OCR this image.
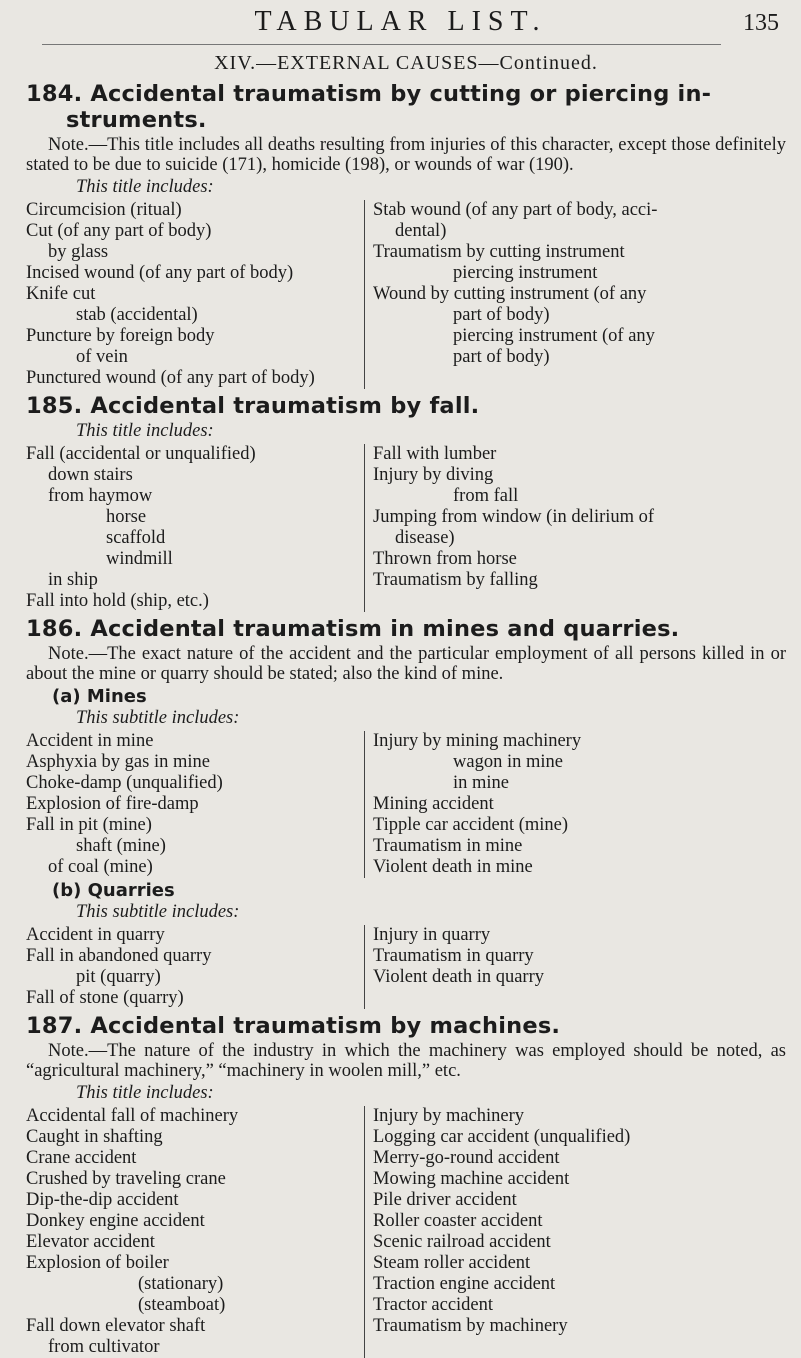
TABULAR LIST.	135
XIV.—EXTERNAL CAUSES—Continued.
184. Accidental traumatism by cutting or piercing in-
struments.

Note.—This title includes all deaths resulting from injuries of this character, except those definitely stated to be due to suicide (171), homicide (198), or wounds of war (190).

This title includes:

Circumcision (ritual)
Cut (of any part of body)
by glass
Incised wound (of any part of body)
Knife cut
stab (accidental)
Puncture by foreign body
of vein
Punctured wound (of any part of body)
Stab wound (of any part of body, acci-
dental)
Traumatism by cutting instrument
piercing instrument
Wound by cutting instrument (of any
part of body)
piercing instrument (of any
part of body)
185. Accidental traumatism by fall.

This title includes:

Fall (accidental or unqualified)
down stairs
from haymow
horse
scaffold
windmill
in ship
Fall into hold (ship, etc.)
Fall with lumber
Injury by diving
from fall
Jumping from window (in delirium of
disease)
Thrown from horse
Traumatism by falling
186. Accidental traumatism in mines and quarries.

Note.—The exact nature of the accident and the particular employment of all persons killed in or about the mine or quarry should be stated; also the kind of mine.

(a) Mines

This subtitle includes:

Accident in mine
Asphyxia by gas in mine
Choke-damp (unqualified)
Explosion of fire-damp
Fall in pit (mine)
shaft (mine)
of coal (mine)
Injury by mining machinery
wagon in mine
in mine
Mining accident
Tipple car accident (mine)
Traumatism in mine
Violent death in mine
(b) Quarries

This subtitle includes:

Accident in quarry
Fall in abandoned quarry
pit (quarry)
Fall of stone (quarry)
Injury in quarry
Traumatism in quarry
Violent death in quarry
187. Accidental traumatism by machines.

Note.—The nature of the industry in which the machinery was employed should be noted, as “agricultural machinery,” “machinery in woolen mill,” etc.

This title includes:

Accidental fall of machinery
Caught in shafting
Crane accident
Crushed by traveling crane
Dip-the-dip accident
Donkey engine accident
Elevator accident
Explosion of boiler
(stationary)
(steamboat)
Fall down elevator shaft
from cultivator
Injury by machinery
Logging car accident (unqualified)
Merry-go-round accident
Mowing machine accident
Pile driver accident
Roller coaster accident
Scenic railroad accident
Steam roller accident
Traction engine accident
Tractor accident
Traumatism by machinery
